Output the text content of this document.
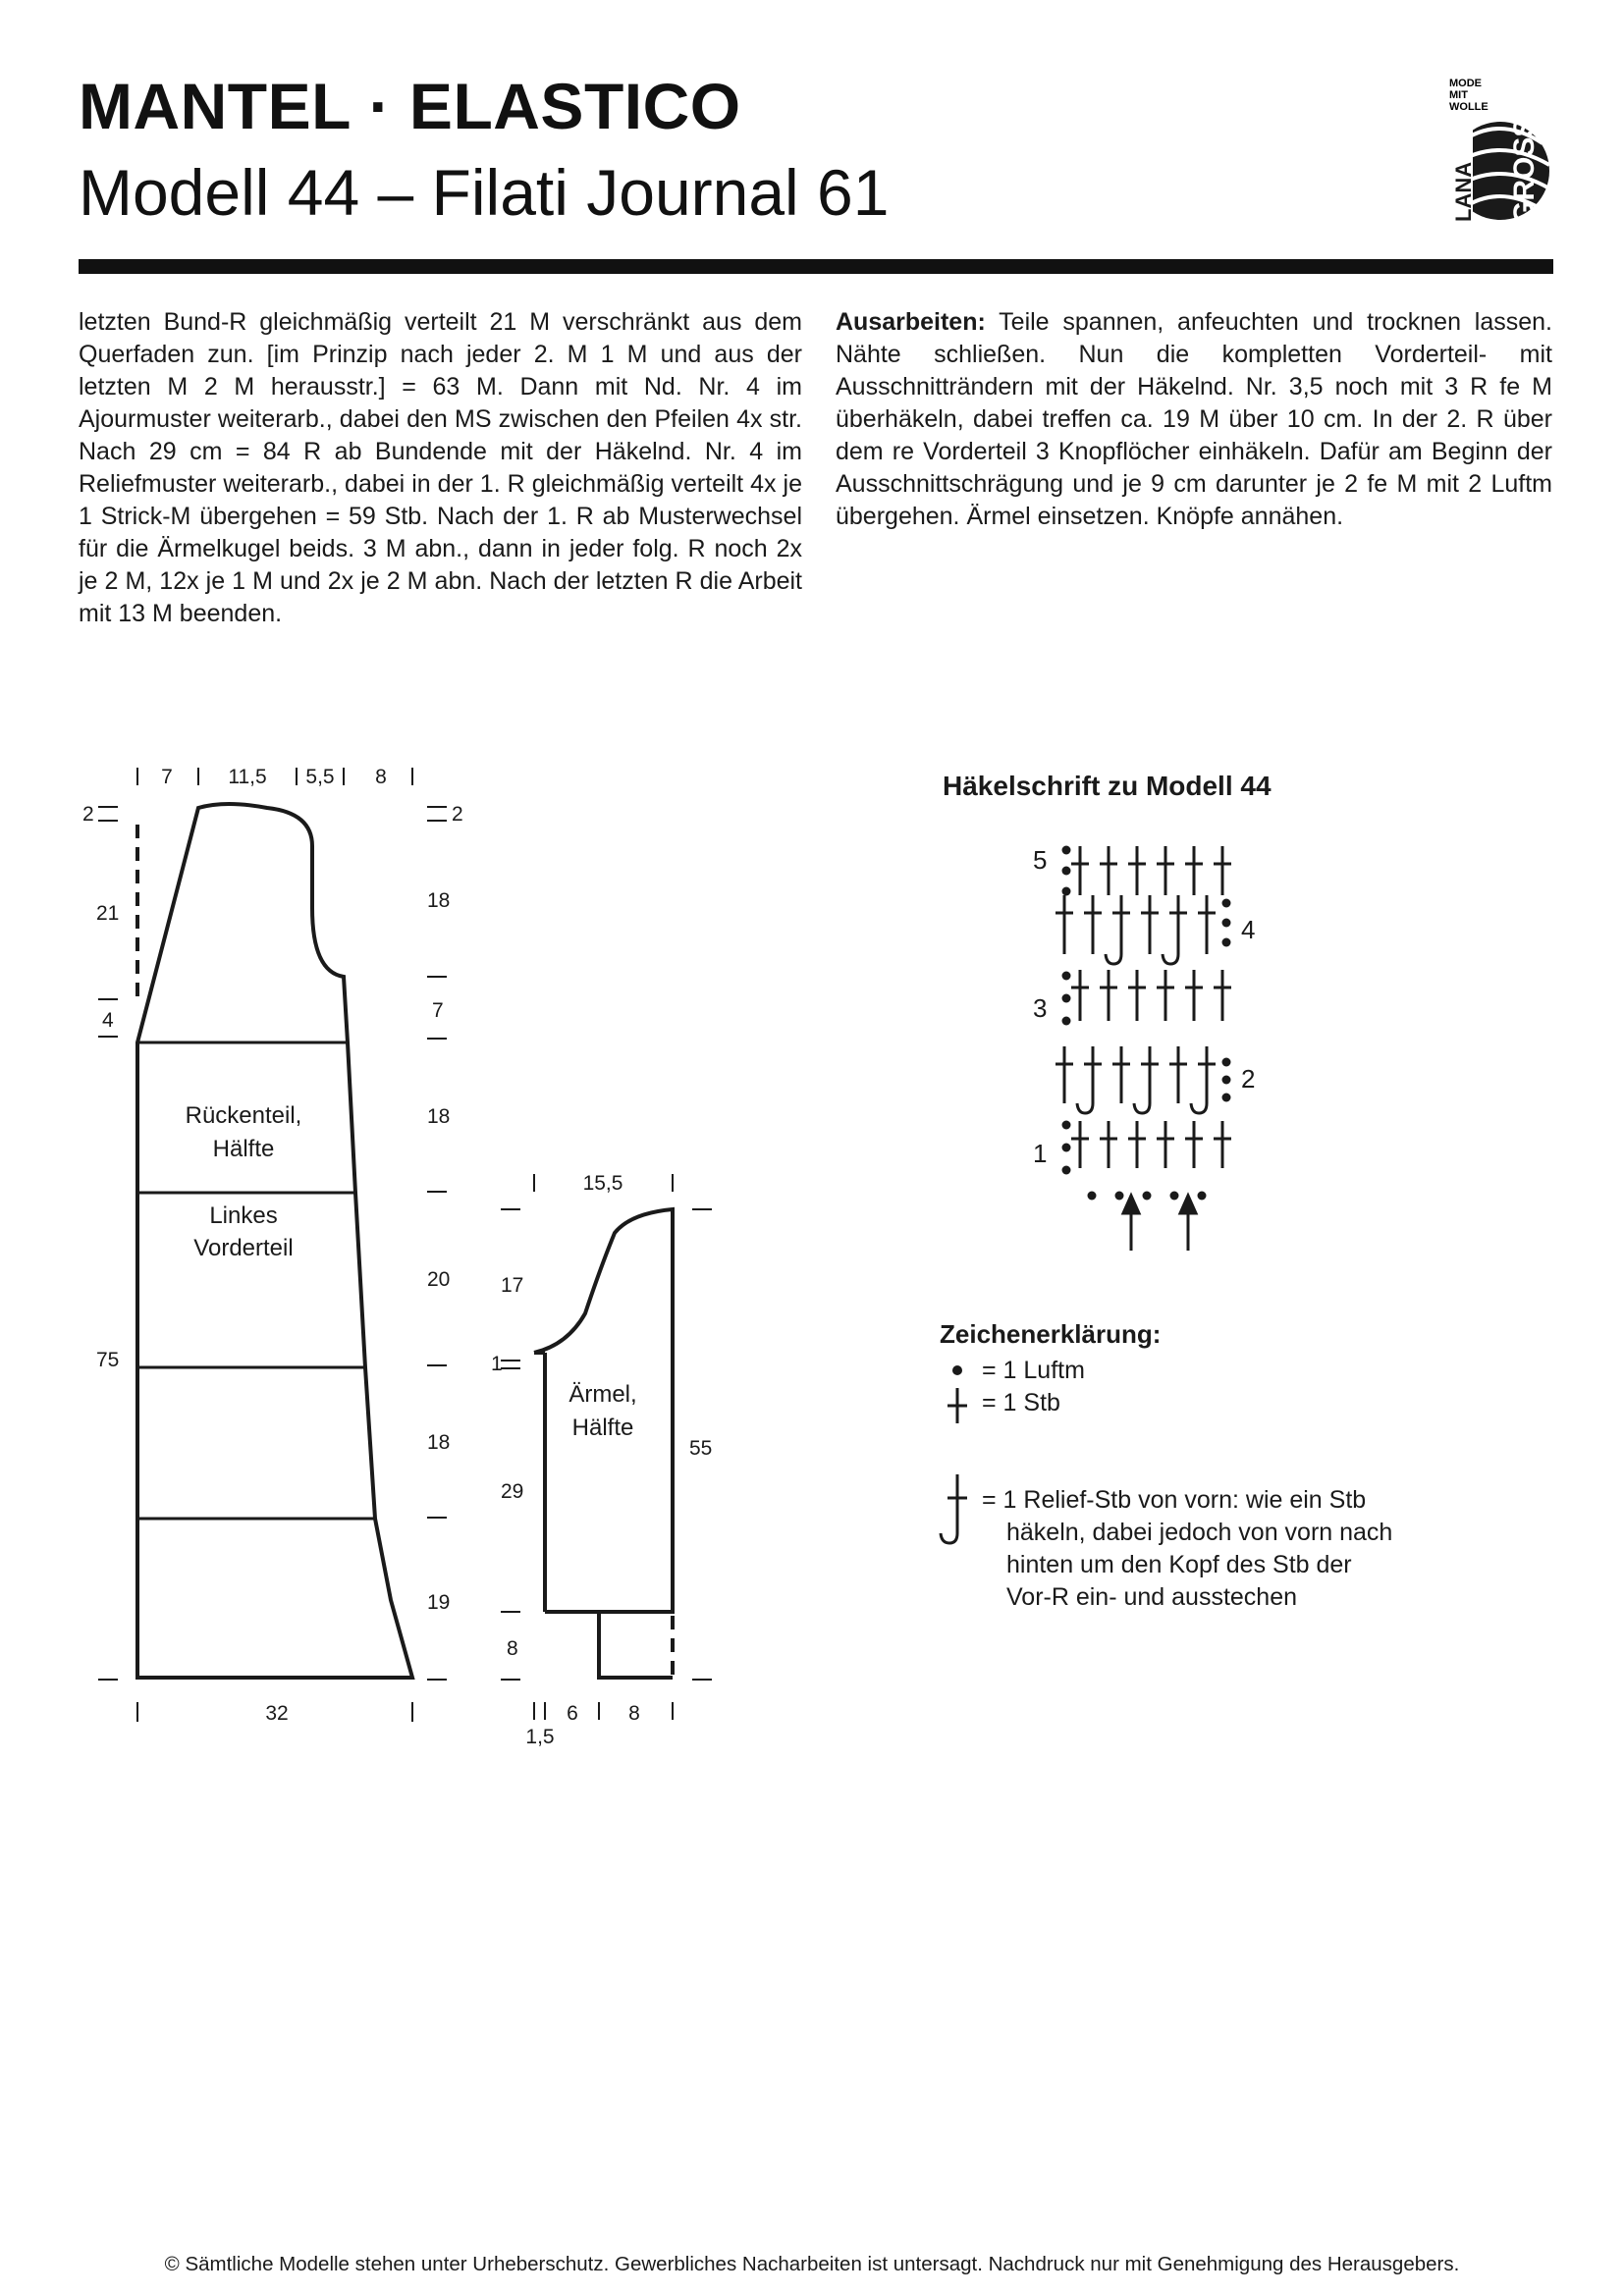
MANTEL · ELASTICO
Modell 44 – Filati Journal 61
MODE
MIT
WOLLE
LANA GROSSA

letzten Bund-R gleichmäßig verteilt 21 M verschränkt aus dem Querfaden zun. [im Prinzip nach jeder 2. M 1 M und aus der letzten M 2 M herausstr.] = 63 M. Dann mit Nd. Nr. 4 im Ajourmuster weiterarb., dabei den MS zwischen den Pfeilen 4x str. Nach 29 cm = 84 R ab Bundende mit der Häkelnd. Nr. 4 im Reliefmuster weiterarb., dabei in der 1. R gleichmäßig verteilt 4x je 1 Strick-M übergehen = 59 Stb. Nach der 1. R ab Musterwechsel für die Ärmelkugel beids. 3 M abn., dann in jeder folg. R noch 2x je 2 M, 12x je 1 M und 2x je 2 M abn. Nach der letzten R die Arbeit mit 13 M beenden.

Ausarbeiten: Teile spannen, anfeuchten und trocknen lassen. Nähte schließen. Nun die kompletten Vorderteil- mit Ausschnitträndern mit der Häkelnd. Nr. 3,5 noch mit 3 R fe M überhäkeln, dabei treffen ca. 19 M über 10 cm. In der 2. R über dem re Vorderteil 3 Knopflöcher einhäkeln. Dafür am Beginn der Ausschnittschrägung und je 9 cm darunter je 2 fe M mit 2 Luftm übergehen. Ärmel einsetzen. Knöpfe annähen.

7	11,5 5,5 8
2
21
4
75
2
18
7
18
20
18
19
32
Rückenteil,
Hälfte
Linkes
Vorderteil
15,5
17
1
29
8
55
1,5
6 8
Ärmel,
Hälfte
Häkelschrift zu Modell 44
5
4
3
2
1
Zeichenerklärung:
= 1 Luftm
= 1 Stb
= 1 Relief-Stb von vorn: wie ein Stb
häkeln, dabei jedoch von vorn nach
hinten um den Kopf des Stb der
Vor-R ein- und ausstechen
© Sämtliche Modelle stehen unter Urheberschutz. Gewerbliches Nacharbeiten ist untersagt. Nachdruck nur mit Genehmigung des Herausgebers.
